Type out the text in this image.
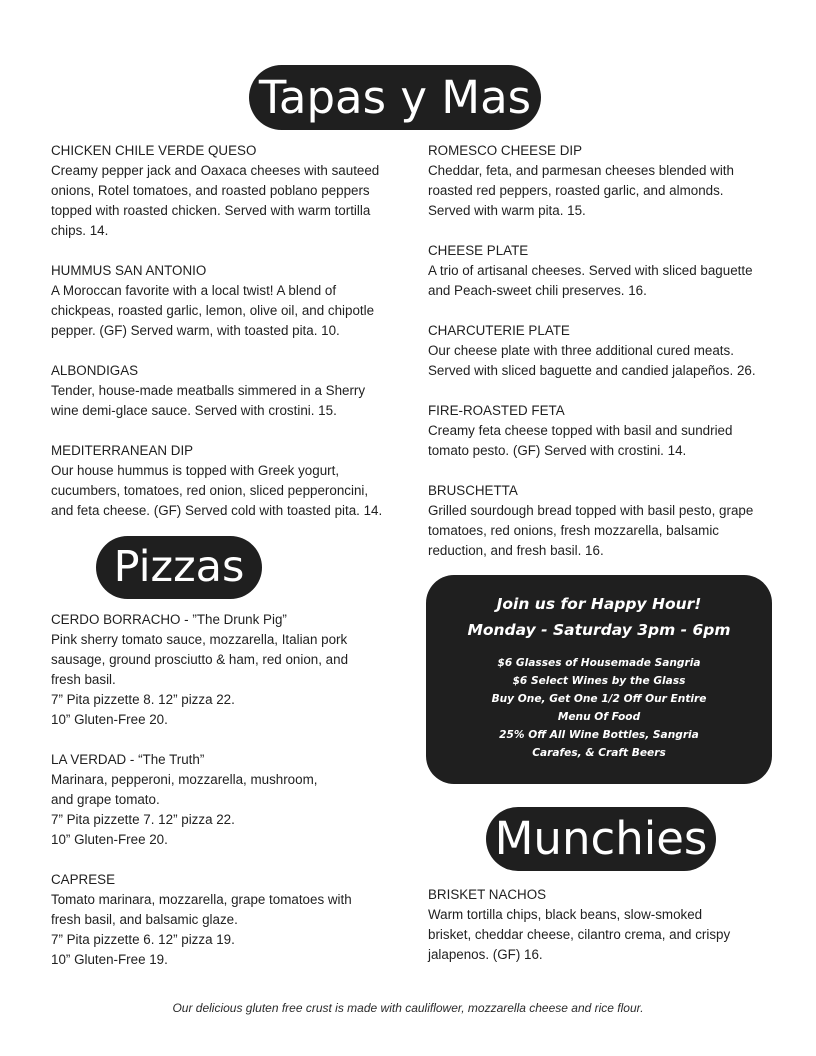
Tapas y Mas
CHICKEN CHILE VERDE QUESO
Creamy pepper jack and Oaxaca cheeses with sauteed
onions, Rotel tomatoes, and roasted poblano peppers
topped with roasted chicken. Served with warm tortilla
chips. 14.
HUMMUS SAN ANTONIO
A Moroccan favorite with a local twist! A blend of
chickpeas, roasted garlic, lemon, olive oil, and chipotle
pepper. (GF) Served warm, with toasted pita. 10.
ALBONDIGAS
Tender, house-made meatballs simmered in a Sherry
wine demi-glace sauce. Served with crostini. 15.
MEDITERRANEAN DIP
Our house hummus is topped with Greek yogurt,
cucumbers, tomatoes, red onion, sliced pepperoncini,
and feta cheese. (GF) Served cold with toasted pita. 14.
ROMESCO CHEESE DIP
Cheddar, feta, and parmesan cheeses blended with
roasted red peppers, roasted garlic, and almonds.
Served with warm pita. 15.
CHEESE PLATE
A trio of artisanal cheeses. Served with sliced baguette
and Peach-sweet chili preserves. 16.
CHARCUTERIE PLATE
Our cheese plate with three additional cured meats.
Served with sliced baguette and candied jalapeños. 26.
FIRE-ROASTED FETA
Creamy feta cheese topped with basil and sundried
tomato pesto. (GF) Served with crostini. 14.
BRUSCHETTA
Grilled sourdough bread topped with basil pesto, grape
tomatoes, red onions, fresh mozzarella, balsamic
reduction, and fresh basil. 16.
Pizzas
CERDO BORRACHO - ”The Drunk Pig”
Pink sherry tomato sauce, mozzarella, Italian pork
sausage, ground prosciutto & ham, red onion, and
fresh basil.
7” Pita pizzette 8. 12” pizza 22.
10” Gluten-Free 20.
LA VERDAD - “The Truth”
Marinara, pepperoni, mozzarella, mushroom,
and grape tomato.
7” Pita pizzette 7. 12” pizza 22.
10” Gluten-Free 20.
CAPRESE
Tomato marinara, mozzarella, grape tomatoes with
fresh basil, and balsamic glaze.
7” Pita pizzette 6. 12” pizza 19.
10” Gluten-Free 19.
Join us for Happy Hour!
Monday - Saturday 3pm - 6pm
$6 Glasses of Housemade Sangria
$6 Select Wines by the Glass
Buy One, Get One 1/2 Off Our Entire
Menu Of Food
25% Off All Wine Bottles, Sangria
Carafes, & Craft Beers
Munchies
BRISKET NACHOS
Warm tortilla chips, black beans, slow-smoked
brisket, cheddar cheese, cilantro crema, and crispy
jalapenos. (GF) 16.
Our delicious gluten free crust is made with cauliflower, mozzarella cheese and rice flour.
